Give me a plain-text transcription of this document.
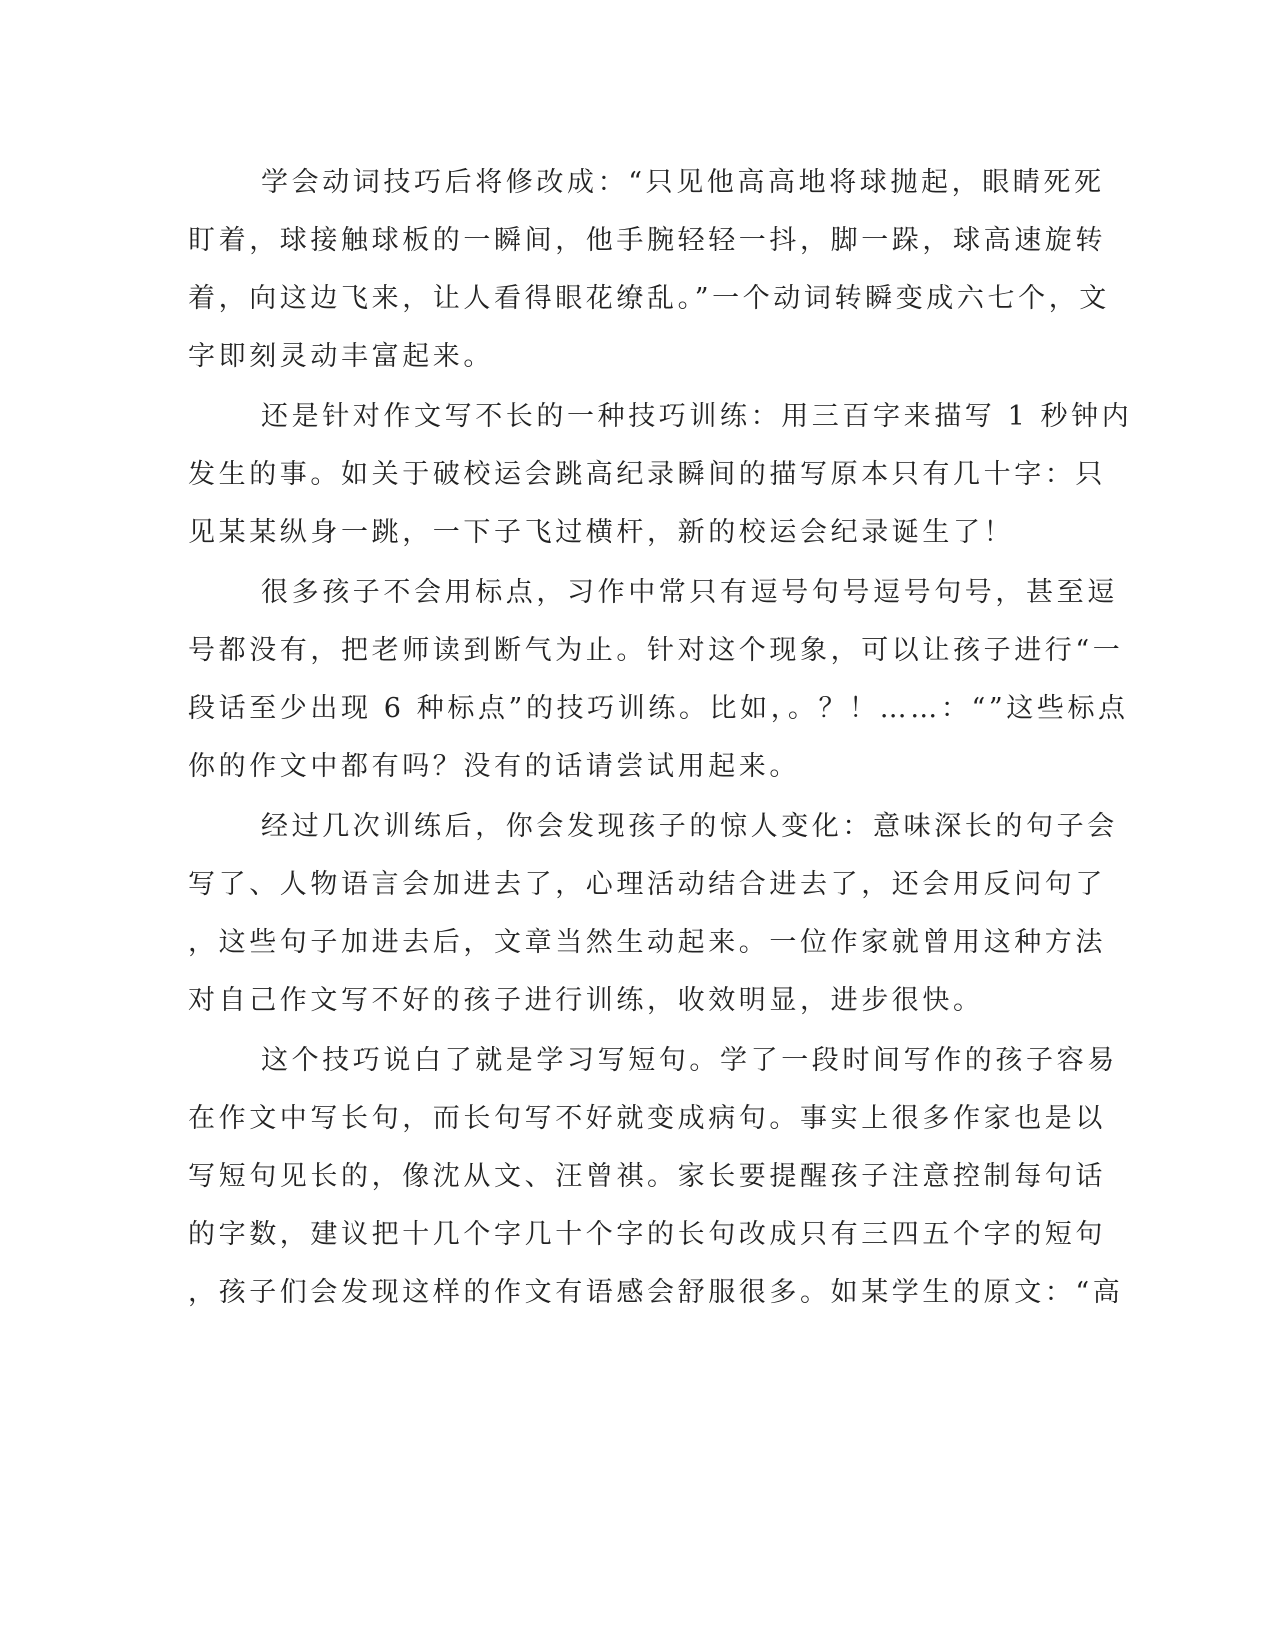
学会动词技巧后将修改成：“只见他高高地将球抛起，眼睛死死
盯着，球接触球板的一瞬间，他手腕轻轻一抖，脚一跺，球高速旋转
着，向这边飞来，让人看得眼花缭乱。”一个动词转瞬变成六七个，文
字即刻灵动丰富起来。
还是针对作文写不长的一种技巧训练：用三百字来描写 1 秒钟内
发生的事。如关于破校运会跳高纪录瞬间的描写原本只有几十字：只
见某某纵身一跳，一下子飞过横杆，新的校运会纪录诞生了！
很多孩子不会用标点，习作中常只有逗号句号逗号句号，甚至逗
号都没有，把老师读到断气为止。针对这个现象，可以让孩子进行“一
段话至少出现 6 种标点”的技巧训练。比如，。？！……：“”这些标点
你的作文中都有吗？没有的话请尝试用起来。
经过几次训练后，你会发现孩子的惊人变化：意味深长的句子会
写了、人物语言会加进去了，心理活动结合进去了，还会用反问句了
，这些句子加进去后，文章当然生动起来。一位作家就曾用这种方法
对自己作文写不好的孩子进行训练，收效明显，进步很快。
这个技巧说白了就是学习写短句。学了一段时间写作的孩子容易
在作文中写长句，而长句写不好就变成病句。事实上很多作家也是以
写短句见长的，像沈从文、汪曾祺。家长要提醒孩子注意控制每句话
的字数，建议把十几个字几十个字的长句改成只有三四五个字的短句
，孩子们会发现这样的作文有语感会舒服很多。如某学生的原文：“高
